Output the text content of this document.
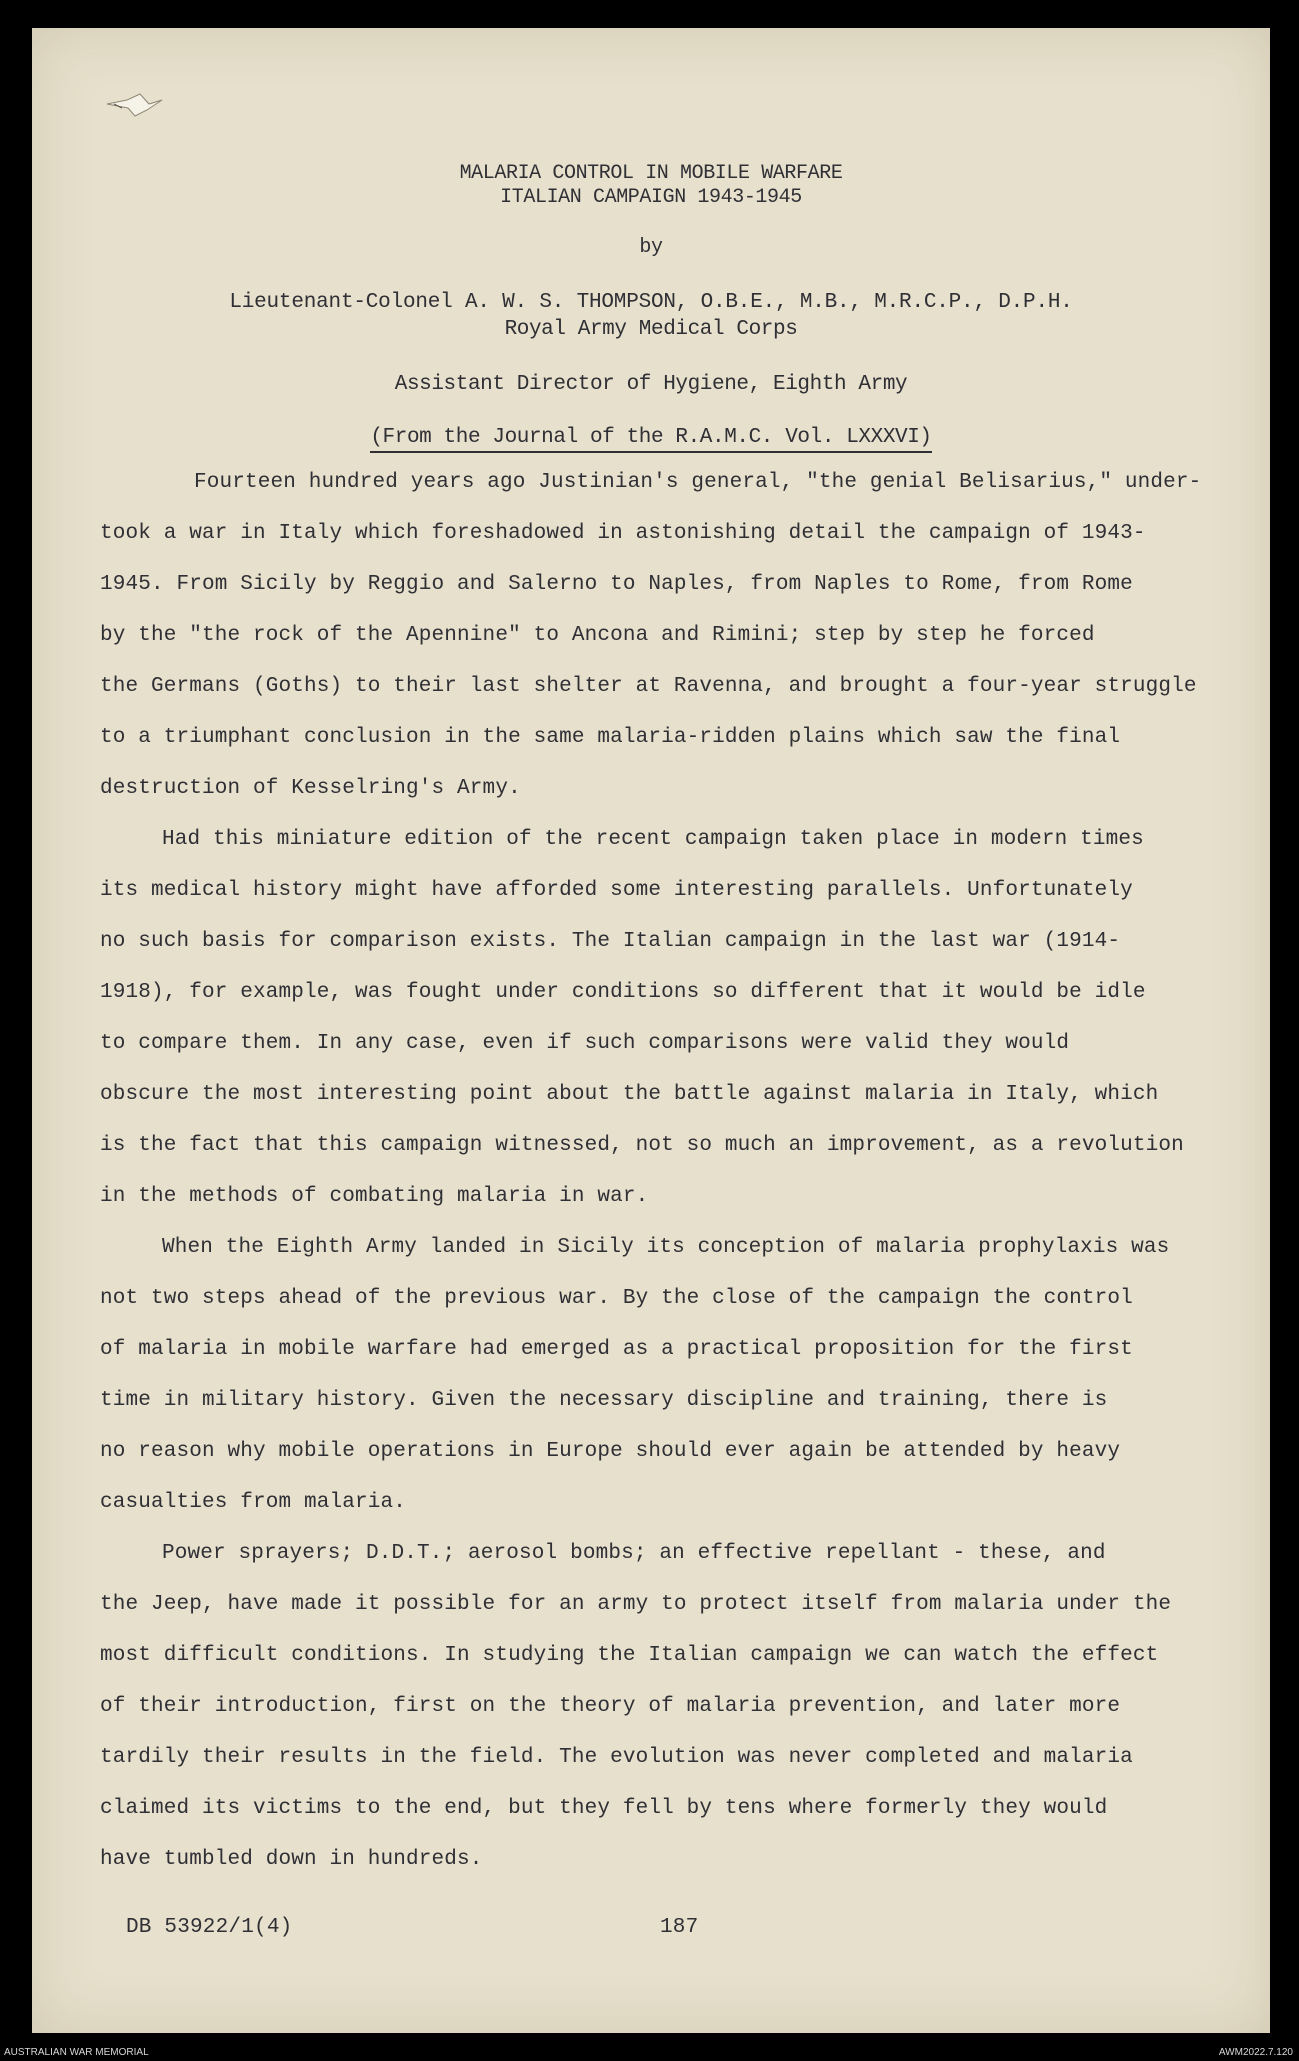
MALARIA CONTROL IN MOBILE WARFARE
ITALIAN CAMPAIGN 1943-1945
by
Lieutenant-Colonel A. W. S. THOMPSON, O.B.E., M.B., M.R.C.P., D.P.H.
Royal Army Medical Corps
Assistant Director of Hygiene, Eighth Army
(From the Journal of the R.A.M.C. Vol. LXXXVI)
Fourteen hundred years ago Justinian's general, "the genial Belisarius," under-
took a war in Italy which foreshadowed in astonishing detail the campaign of 1943-
1945. From Sicily by Reggio and Salerno to Naples, from Naples to Rome, from Rome
by the "the rock of the Apennine" to Ancona and Rimini; step by step he forced
the Germans (Goths) to their last shelter at Ravenna, and brought a four-year struggle
to a triumphant conclusion in the same malaria-ridden plains which saw the final
destruction of Kesselring's Army.
Had this miniature edition of the recent campaign taken place in modern times
its medical history might have afforded some interesting parallels. Unfortunately
no such basis for comparison exists. The Italian campaign in the last war (1914-
1918), for example, was fought under conditions so different that it would be idle
to compare them. In any case, even if such comparisons were valid they would
obscure the most interesting point about the battle against malaria in Italy, which
is the fact that this campaign witnessed, not so much an improvement, as a revolution
in the methods of combating malaria in war.
When the Eighth Army landed in Sicily its conception of malaria prophylaxis was
not two steps ahead of the previous war. By the close of the campaign the control
of malaria in mobile warfare had emerged as a practical proposition for the first
time in military history. Given the necessary discipline and training, there is
no reason why mobile operations in Europe should ever again be attended by heavy
casualties from malaria.
Power sprayers; D.D.T.; aerosol bombs; an effective repellant - these, and
the Jeep, have made it possible for an army to protect itself from malaria under the
most difficult conditions. In studying the Italian campaign we can watch the effect
of their introduction, first on the theory of malaria prevention, and later more
tardily their results in the field. The evolution was never completed and malaria
claimed its victims to the end, but they fell by tens where formerly they would
have tumbled down in hundreds.
DB 53922/1(4)	187
AUSTRALIAN WAR MEMORIAL	AWM2022.7.120
